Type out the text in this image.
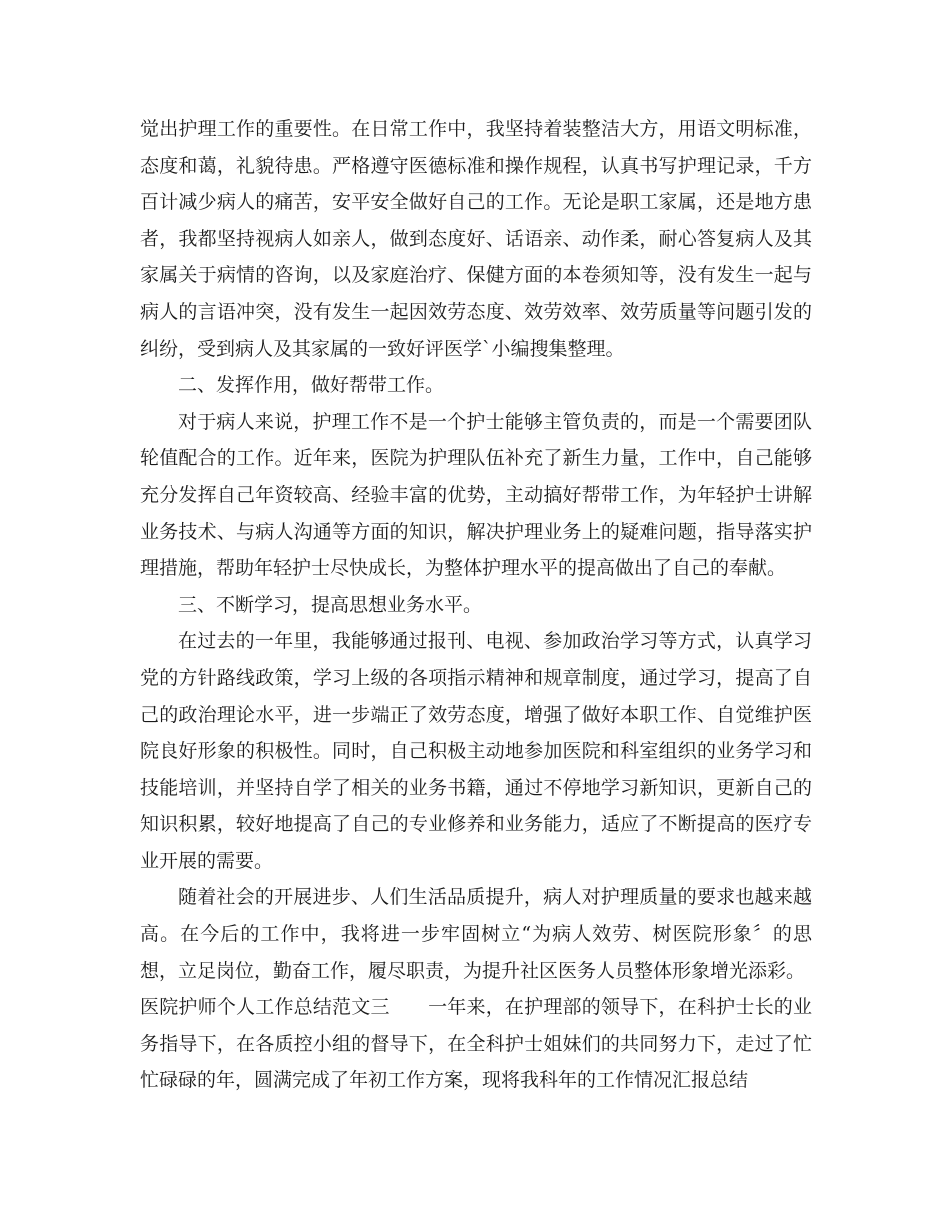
觉出护理工作的重要性。在日常工作中，我坚持着装整洁大方，用语文明标准，态度和蔼，礼貌待患。严格遵守医德标准和操作规程，认真书写护理记录，千方百计减少病人的痛苦，安平安全做好自己的工作。无论是职工家属，还是地方患者，我都坚持视病人如亲人，做到态度好、话语亲、动作柔，耐心答复病人及其家属关于病情的咨询，以及家庭治疗、保健方面的本卷须知等，没有发生一起与病人的言语冲突，没有发生一起因效劳态度、效劳效率、效劳质量等问题引发的纠纷，受到病人及其家属的一致好评医学`小编搜集整理。

二、发挥作用，做好帮带工作。

对于病人来说，护理工作不是一个护士能够主管负责的，而是一个需要团队轮值配合的工作。近年来，医院为护理队伍补充了新生力量，工作中，自己能够充分发挥自己年资较高、经验丰富的优势，主动搞好帮带工作，为年轻护士讲解业务技术、与病人沟通等方面的知识，解决护理业务上的疑难问题，指导落实护理措施，帮助年轻护士尽快成长，为整体护理水平的提高做出了自己的奉献。

三、不断学习，提高思想业务水平。

在过去的一年里，我能够通过报刊、电视、参加政治学习等方式，认真学习党的方针路线政策，学习上级的各项指示精神和规章制度，通过学习，提高了自己的政治理论水平，进一步端正了效劳态度，增强了做好本职工作、自觉维护医院良好形象的积极性。同时，自己积极主动地参加医院和科室组织的业务学习和技能培训，并坚持自学了相关的业务书籍，通过不停地学习新知识，更新自己的知识积累，较好地提高了自己的专业修养和业务能力，适应了不断提高的医疗专业开展的需要。

随着社会的开展进步、人们生活品质提升，病人对护理质量的要求也越来越高。在今后的工作中，我将进一步牢固树立“为病人效劳、树医院形象〞的思想，立足岗位，勤奋工作，履尽职责，为提升社区医务人员整体形象增光添彩。

医院护师个人工作总结范文三　　一年来，在护理部的领导下，在科护士长的业务指导下，在各质控小组的督导下，在全科护士姐妹们的共同努力下，走过了忙忙碌碌的年，圆满完成了年初工作方案，现将我科年的工作情况汇报总结
